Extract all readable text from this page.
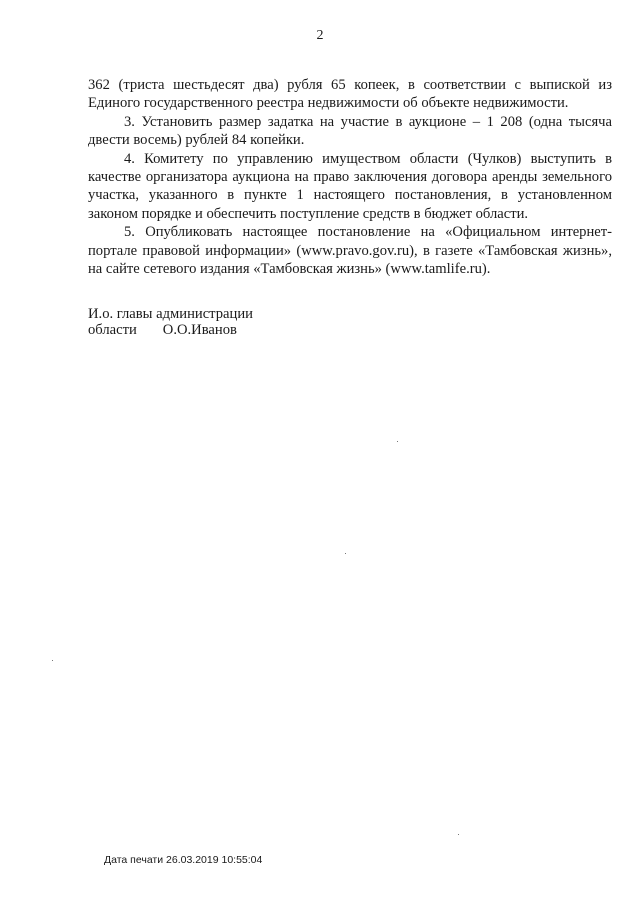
2

362 (триста шестьдесят два) рубля 65 копеек, в соответствии с выпиской из Единого государственного реестра недвижимости об объекте недвижимости.

3. Установить размер задатка на участие в аукционе – 1 208 (одна тысяча двести восемь) рублей 84 копейки.

4. Комитету по управлению имуществом области (Чулков) выступить в качестве организатора аукциона на право заключения договора аренды земельного участка, указанного в пункте 1 настоящего постановления, в установленном законом порядке и обеспечить поступление средств в бюджет области.

5. Опубликовать настоящее постановление на «Официальном интернет-портале правовой информации» (www.pravo.gov.ru), в газете «Тамбовская жизнь», на сайте сетевого издания «Тамбовская жизнь» (www.tamlife.ru).

И.о. главы администрации
области О.О.Иванов
Дата печати 26.03.2019 10:55:04
